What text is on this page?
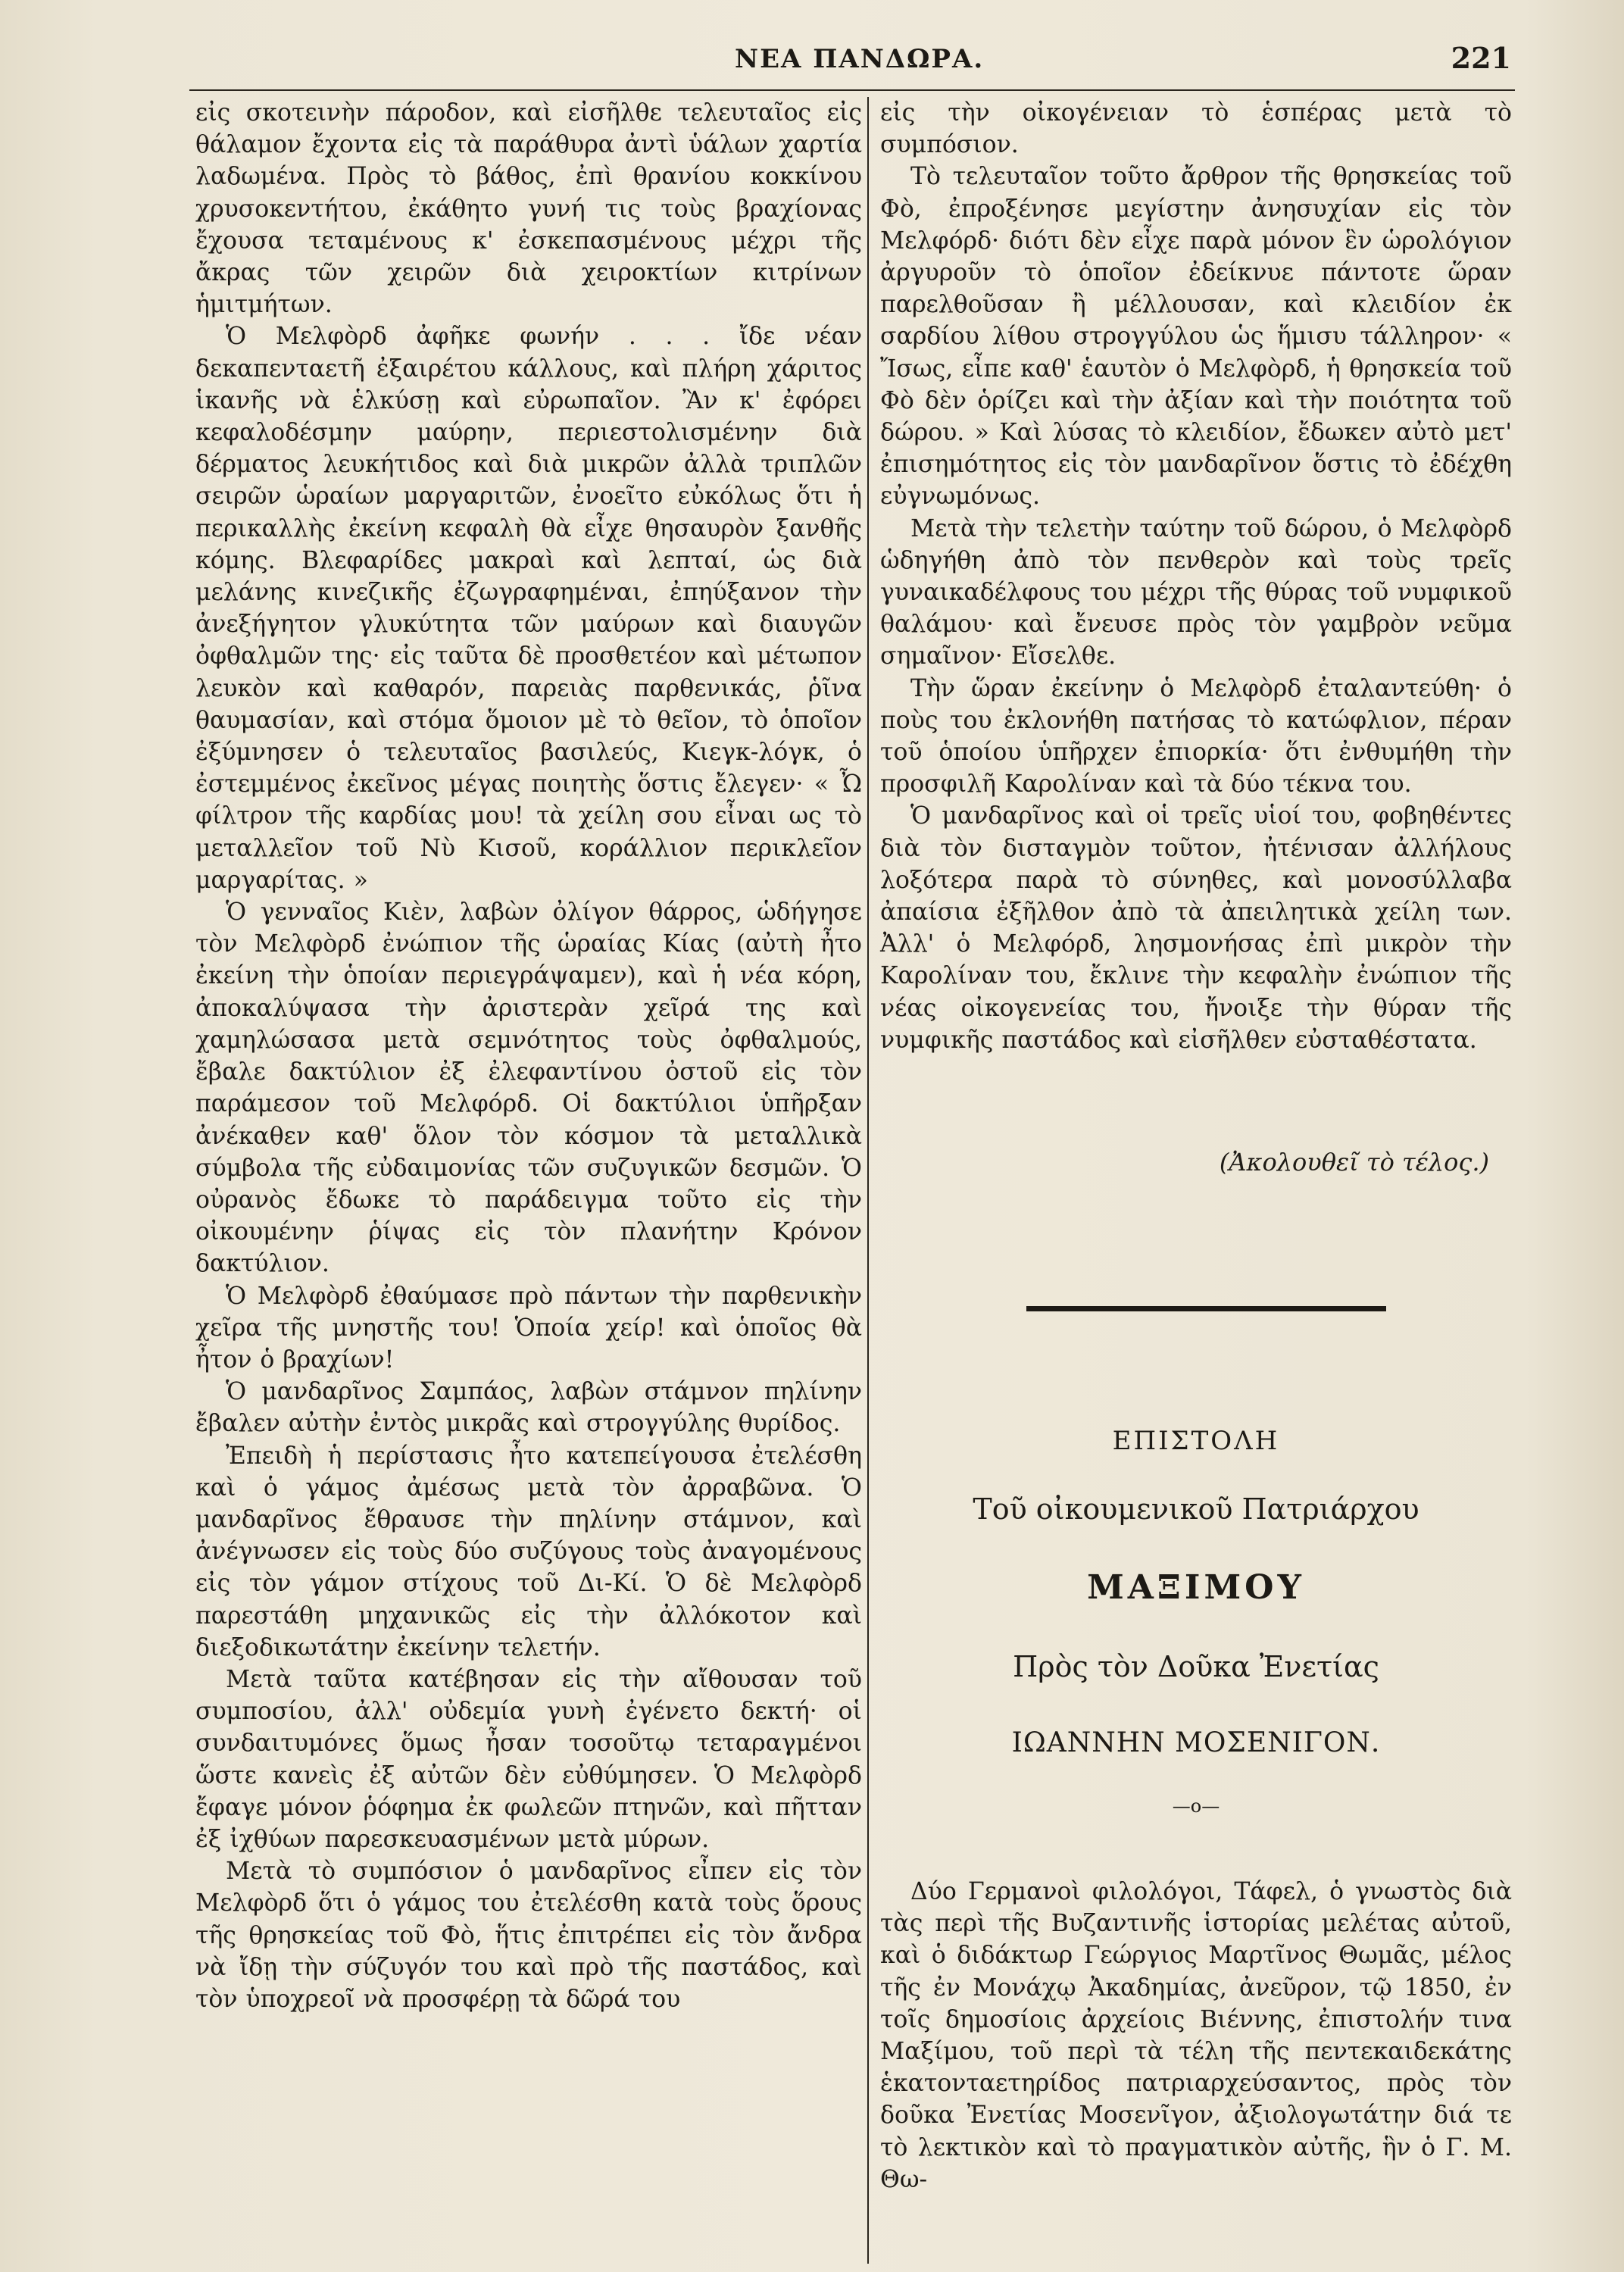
ΝΕΑ ΠΑΝΔΩΡΑ.	221

εἰς σκοτεινὴν πάροδον, καὶ εἰσῆλθε τελευταῖος εἰς θάλαμον ἔχοντα εἰς τὰ παράθυρα ἀντὶ ὑάλων χαρτία λαδωμένα. Πρὸς τὸ βάθος, ἐπὶ θρανίου κοκκίνου χρυσοκεντήτου, ἐκάθητο γυνή τις τοὺς βραχίονας ἔχουσα τεταμένους κ' ἐσκεπασμένους μέχρι τῆς ἄκρας τῶν χειρῶν διὰ χειροκτίων κιτρίνων ἡμιτμήτων.

Ὁ Μελφὸρδ ἀφῆκε φωνήν . . . ἴδε νέαν δεκαπενταετῆ ἐξαιρέτου κάλλους, καὶ πλήρη χάριτος ἱκανῆς νὰ ἑλκύσῃ καὶ εὐρωπαῖον. Ἂν κ' ἐφόρει κεφαλοδέσμην μαύρην, περιεστολισμένην διὰ δέρματος λευκήτιδος καὶ διὰ μικρῶν ἀλλὰ τριπλῶν σειρῶν ὡραίων μαργαριτῶν, ἐνοεῖτο εὐκόλως ὅτι ἡ περικαλλὴς ἐκείνη κεφαλὴ θὰ εἶχε θησαυρὸν ξανθῆς κόμης. Βλεφαρίδες μακραὶ καὶ λεπταί, ὡς διὰ μελάνης κινεζικῆς ἐζωγραφημέναι, ἐπηύξανον τὴν ἀνεξήγητον γλυκύτητα τῶν μαύρων καὶ διαυγῶν ὀφθαλμῶν της· εἰς ταῦτα δὲ προσθετέον καὶ μέτωπον λευκὸν καὶ καθαρόν, παρειὰς παρθενικάς, ῥῖνα θαυμασίαν, καὶ στόμα ὅμοιον μὲ τὸ θεῖον, τὸ ὁποῖον ἐξύμνησεν ὁ τελευταῖος βασιλεύς, Κιεγκ-λόγκ, ὁ ἐστεμμένος ἐκεῖνος μέγας ποιητὴς ὅστις ἔλεγεν· « Ὦ φίλτρον τῆς καρδίας μου! τὰ χείλη σου εἶναι ως τὸ μεταλλεῖον τοῦ Νὺ Κισοῦ, κοράλλιον περικλεῖον μαργαρίτας. »

Ὁ γενναῖος Κιὲν, λαβὼν ὀλίγον θάρρος, ὡδήγησε τὸν Μελφὸρδ ἐνώπιον τῆς ὡραίας Κίας (αὐτὴ ἦτο ἐκείνη τὴν ὁποίαν περιεγράψαμεν), καὶ ἡ νέα κόρη, ἀποκαλύψασα τὴν ἀριστερὰν χεῖρά της καὶ χαμηλώσασα μετὰ σεμνότητος τοὺς ὀφθαλμούς, ἔβαλε δακτύλιον ἐξ ἐλεφαντίνου ὀστοῦ εἰς τὸν παράμεσον τοῦ Μελφόρδ. Οἱ δακτύλιοι ὑπῆρξαν ἀνέκαθεν καθ' ὅλον τὸν κόσμον τὰ μεταλλικὰ σύμβολα τῆς εὐδαιμονίας τῶν συζυγικῶν δεσμῶν. Ὁ οὐρανὸς ἔδωκε τὸ παράδειγμα τοῦτο εἰς τὴν οἰκουμένην ῥίψας εἰς τὸν πλανήτην Κρόνον δακτύλιον.

Ὁ Μελφὸρδ ἐθαύμασε πρὸ πάντων τὴν παρθενικὴν χεῖρα τῆς μνηστῆς του! Ὁποία χείρ! καὶ ὁποῖος θὰ ἦτον ὁ βραχίων!

Ὁ μανδαρῖνος Σαμπάος, λαβὼν στάμνον πηλίνην ἔβαλεν αὐτὴν ἐντὸς μικρᾶς καὶ στρογγύλης θυρίδος.

Ἐπειδὴ ἡ περίστασις ἦτο κατεπείγουσα ἐτελέσθη καὶ ὁ γάμος ἀμέσως μετὰ τὸν ἀρραβῶνα. Ὁ μανδαρῖνος ἔθραυσε τὴν πηλίνην στάμνον, καὶ ἀνέγνωσεν εἰς τοὺς δύο συζύγους τοὺς ἀναγομένους εἰς τὸν γάμον στίχους τοῦ Δι-Κί. Ὁ δὲ Μελφὸρδ παρεστάθη μηχανικῶς εἰς τὴν ἀλλόκοτον καὶ διεξοδικωτάτην ἐκείνην τελετήν.

Μετὰ ταῦτα κατέβησαν εἰς τὴν αἴθουσαν τοῦ συμποσίου, ἀλλ' οὐδεμία γυνὴ ἐγένετο δεκτή· οἱ συνδαιτυμόνες ὅμως ἦσαν τοσοῦτῳ τεταραγμένοι ὥστε κανεὶς ἐξ αὐτῶν δὲν εὐθύμησεν. Ὁ Μελφὸρδ ἔφαγε μόνον ῥόφημα ἐκ φωλεῶν πτηνῶν, καὶ πῆτταν ἐξ ἰχθύων παρεσκευασμένων μετὰ μύρων.

Μετὰ τὸ συμπόσιον ὁ μανδαρῖνος εἶπεν εἰς τὸν Μελφὸρδ ὅτι ὁ γάμος του ἐτελέσθη κατὰ τοὺς ὅρους τῆς θρησκείας τοῦ Φὸ, ἥτις ἐπιτρέπει εἰς τὸν ἄνδρα νὰ ἴδῃ τὴν σύζυγόν του καὶ πρὸ τῆς παστάδος, καὶ τὸν ὑποχρεοῖ νὰ προσφέρῃ τὰ δῶρά του

εἰς τὴν οἰκογένειαν τὸ ἑσπέρας μετὰ τὸ συμπόσιον.

Τὸ τελευταῖον τοῦτο ἄρθρον τῆς θρησκείας τοῦ Φὸ, ἐπροξένησε μεγίστην ἀνησυχίαν εἰς τὸν Μελφόρδ· διότι δὲν εἶχε παρὰ μόνον ἓν ὡρολόγιον ἀργυροῦν τὸ ὁποῖον ἐδείκνυε πάντοτε ὥραν παρελθοῦσαν ἢ μέλλουσαν, καὶ κλειδίον ἐκ σαρδίου λίθου στρογγύλου ὡς ἥμισυ τάλληρον· « Ἴσως, εἶπε καθ' ἑαυτὸν ὁ Μελφὸρδ, ἡ θρησκεία τοῦ Φὸ δὲν ὁρίζει καὶ τὴν ἀξίαν καὶ τὴν ποιότητα τοῦ δώρου. » Καὶ λύσας τὸ κλειδίον, ἔδωκεν αὐτὸ μετ' ἐπισημότητος εἰς τὸν μανδαρῖνον ὅστις τὸ ἐδέχθη εὐγνωμόνως.

Μετὰ τὴν τελετὴν ταύτην τοῦ δώρου, ὁ Μελφὸρδ ὡδηγήθη ἀπὸ τὸν πενθερὸν καὶ τοὺς τρεῖς γυναικαδέλφους του μέχρι τῆς θύρας τοῦ νυμφικοῦ θαλάμου· καὶ ἔνευσε πρὸς τὸν γαμβρὸν νεῦμα σημαῖνον· Εἴσελθε.

Τὴν ὥραν ἐκείνην ὁ Μελφὸρδ ἐταλαντεύθη· ὁ ποὺς του ἐκλονήθη πατήσας τὸ κατώφλιον, πέραν τοῦ ὁποίου ὑπῆρχεν ἐπιορκία· ὅτι ἐνθυμήθη τὴν προσφιλῆ Καρολίναν καὶ τὰ δύο τέκνα του.

Ὁ μανδαρῖνος καὶ οἱ τρεῖς υἱοί του, φοβηθέντες διὰ τὸν δισταγμὸν τοῦτον, ἠτένισαν ἀλλήλους λοξότερα παρὰ τὸ σύνηθες, καὶ μονοσύλλαβα ἀπαίσια ἐξῆλθον ἀπὸ τὰ ἀπειλητικὰ χείλη των. Ἀλλ' ὁ Μελφόρδ, λησμονήσας ἐπὶ μικρὸν τὴν Καρολίναν του, ἔκλινε τὴν κεφαλὴν ἐνώπιον τῆς νέας οἰκογενείας του, ἤνοιξε τὴν θύραν τῆς νυμφικῆς παστάδος καὶ εἰσῆλθεν εὐσταθέστατα.

(Ἀκολουθεῖ τὸ τέλος.)
ΕΠΙΣΤΟΛΗ
Τοῦ οἰκουμενικοῦ Πατριάρχου
ΜΑΞΙΜΟΥ
Πρὸς τὸν Δοῦκα Ἐνετίας
ΙΩΑΝΝΗΝ ΜΟΣΕΝΙΓΟΝ.
—o—

Δύο Γερμανοὶ φιλολόγοι, Τάφελ, ὁ γνωστὸς διὰ τὰς περὶ τῆς Βυζαντινῆς ἱστορίας μελέτας αὐτοῦ, καὶ ὁ διδάκτωρ Γεώργιος Μαρτῖνος Θωμᾶς, μέλος τῆς ἐν Μονάχῳ Ἀκαδημίας, ἀνεῦρον, τῷ 1850, ἐν τοῖς δημοσίοις ἀρχείοις Βιέννης, ἐπιστολήν τινα Μαξίμου, τοῦ περὶ τὰ τέλη τῆς πεντεκαιδεκάτης ἑκατονταετηρίδος πατριαρχεύσαντος, πρὸς τὸν δοῦκα Ἐνετίας Μοσενῖγον, ἀξιολογωτάτην διά τε τὸ λεκτικὸν καὶ τὸ πραγματικὸν αὐτῆς, ἣν ὁ Γ. Μ. Θω-
